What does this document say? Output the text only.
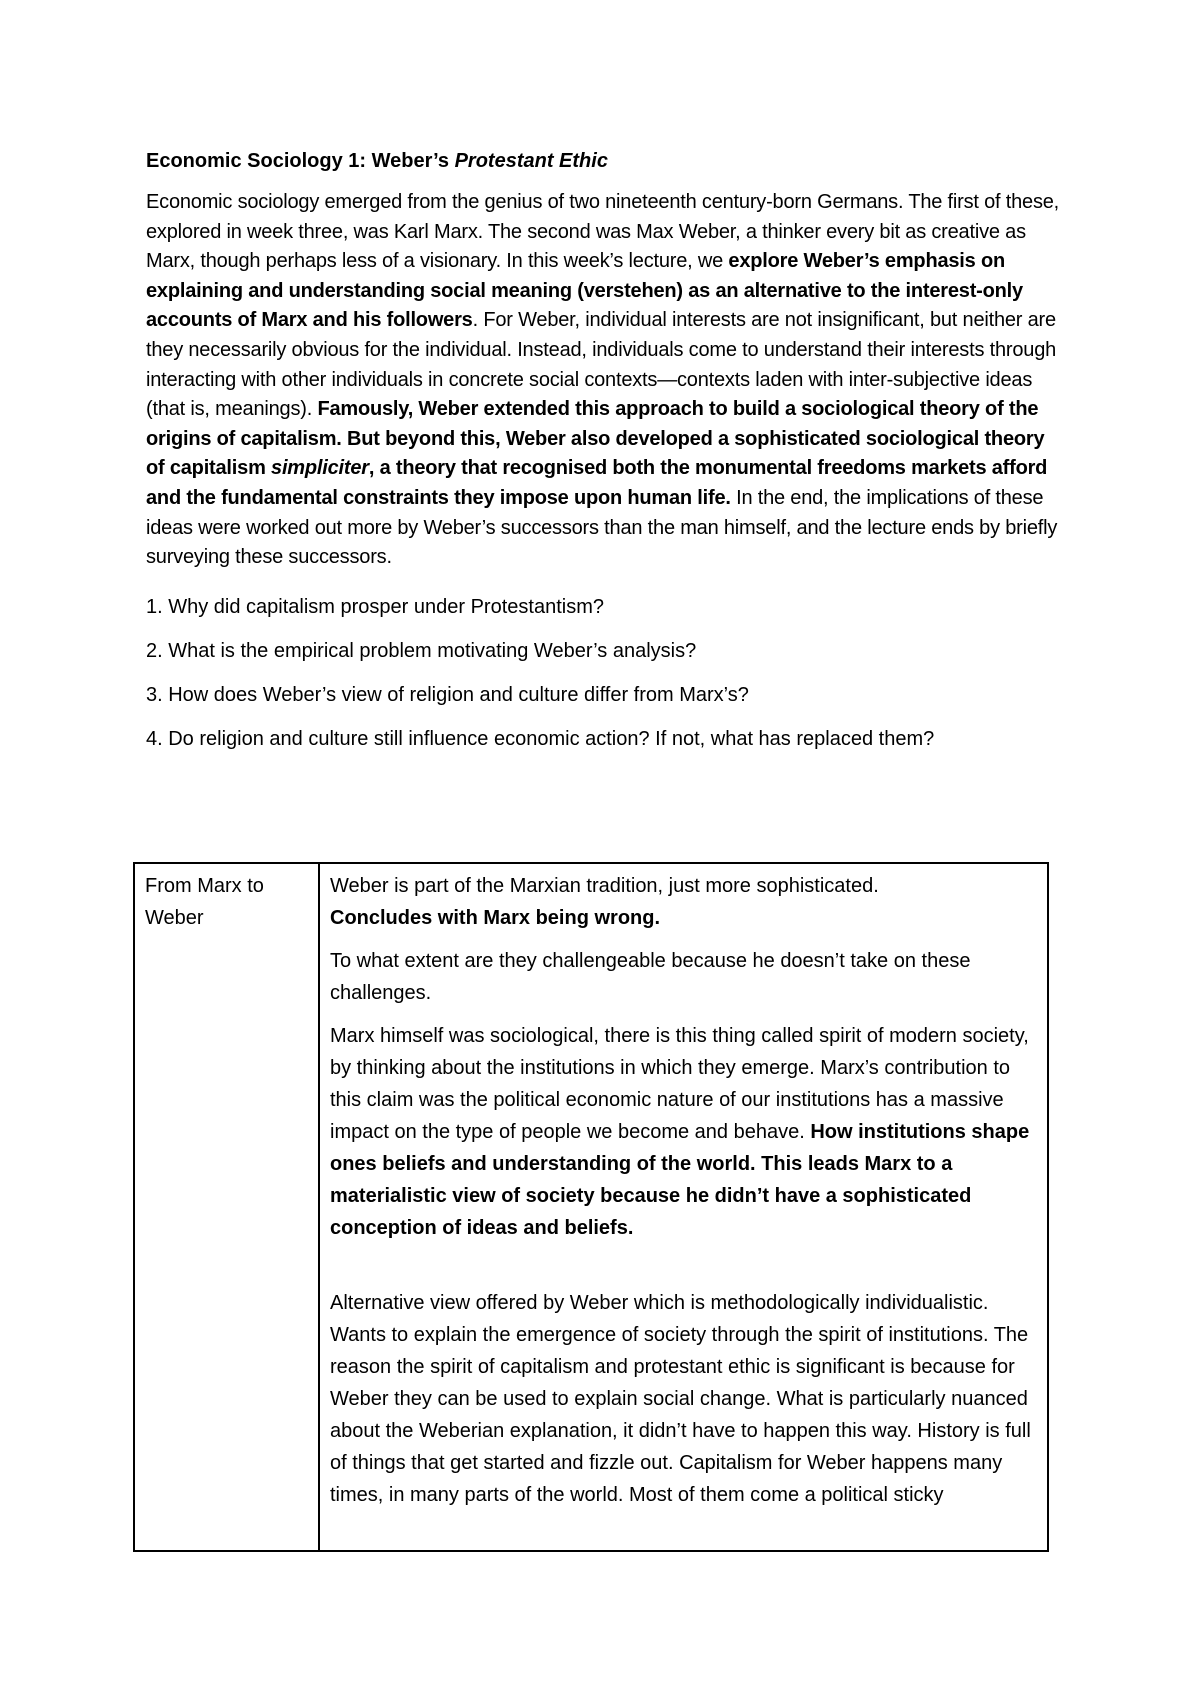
Economic Sociology 1: Weber’s Protestant Ethic

Economic sociology emerged from the genius of two nineteenth century-born Germans. The first of these, explored in week three, was Karl Marx. The second was Max Weber, a thinker every bit as creative as Marx, though perhaps less of a visionary. In this week’s lecture, we explore Weber’s emphasis on explaining and understanding social meaning (verstehen) as an alternative to the interest-only accounts of Marx and his followers. For Weber, individual interests are not insignificant, but neither are they necessarily obvious for the individual. Instead, individuals come to understand their interests through interacting with other individuals in concrete social contexts—contexts laden with inter-subjective ideas (that is, meanings). Famously, Weber extended this approach to build a sociological theory of the origins of capitalism. But beyond this, Weber also developed a sophisticated sociological theory of capitalism simpliciter, a theory that recognised both the monumental freedoms markets afford and the fundamental constraints they impose upon human life. In the end, the implications of these ideas were worked out more by Weber’s successors than the man himself, and the lecture ends by briefly surveying these successors.

1. Why did capitalism prosper under Protestantism?

2. What is the empirical problem motivating Weber’s analysis?

3. How does Weber’s view of religion and culture differ from Marx’s?

4. Do religion and culture still influence economic action? If not, what has replaced them?

From Marx to Weber	

Weber is part of the Marxian tradition, just more sophisticated.
Concludes with Marx being wrong.

To what extent are they challengeable because he doesn’t take on these challenges.

Marx himself was sociological, there is this thing called spirit of modern society, by thinking about the institutions in which they emerge. Marx’s contribution to this claim was the political economic nature of our institutions has a massive impact on the type of people we become and behave. How institutions shape ones beliefs and understanding of the world. This leads Marx to a materialistic view of society because he didn’t have a sophisticated conception of ideas and beliefs.

Alternative view offered by Weber which is methodologically individualistic. Wants to explain the emergence of society through the spirit of institutions. The reason the spirit of capitalism and protestant ethic is significant is because for Weber they can be used to explain social change. What is particularly nuanced about the Weberian explanation, it didn’t have to happen this way. History is full of things that get started and fizzle out. Capitalism for Weber happens many times, in many parts of the world. Most of them come a political sticky
